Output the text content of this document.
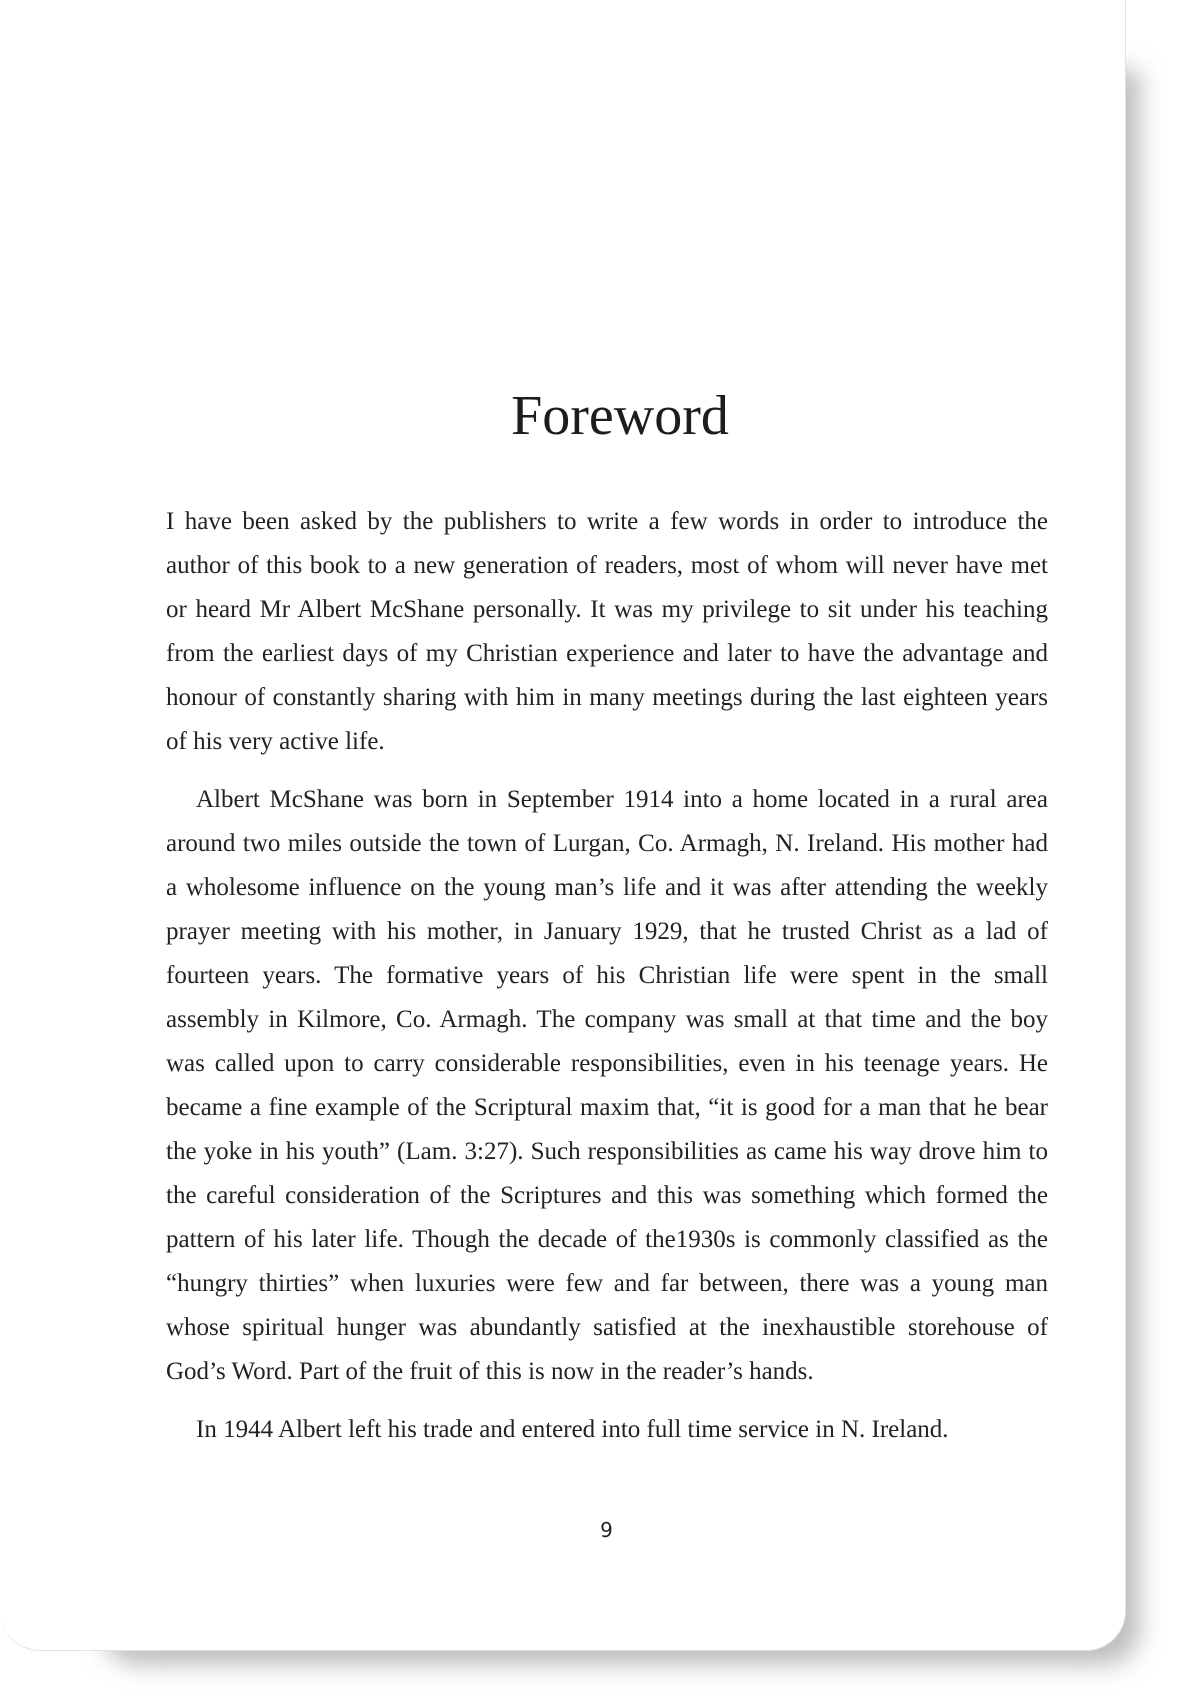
Foreword

I have been asked by the publishers to write a few words in order to introduce the author of this book to a new generation of readers, most of whom will never have met or heard Mr Albert McShane personally. It was my privilege to sit under his teaching from the earliest days of my Christian experience and later to have the advantage and honour of constantly sharing with him in many meetings during the last eighteen years of his very active life.

Albert McShane was born in September 1914 into a home located in a rural area around two miles outside the town of Lurgan, Co. Armagh, N. Ireland. His mother had a wholesome influence on the young man’s life and it was after attending the weekly prayer meeting with his mother, in January 1929, that he trusted Christ as a lad of fourteen years. The formative years of his Christian life were spent in the small assembly in Kilmore, Co. Armagh. The company was small at that time and the boy was called upon to carry considerable responsibilities, even in his teenage years. He became a fine example of the Scriptural maxim that, “it is good for a man that he bear the yoke in his youth” (Lam. 3:27). Such responsibilities as came his way drove him to the careful consideration of the Scriptures and this was something which formed the pattern of his later life. Though the decade of the1930s is commonly classified as the “hungry thirties” when luxuries were few and far between, there was a young man whose spiritual hunger was abundantly satisfied at the inexhaustible storehouse of God’s Word. Part of the fruit of this is now in the reader’s hands.

In 1944 Albert left his trade and entered into full time service in N. Ireland.

9
